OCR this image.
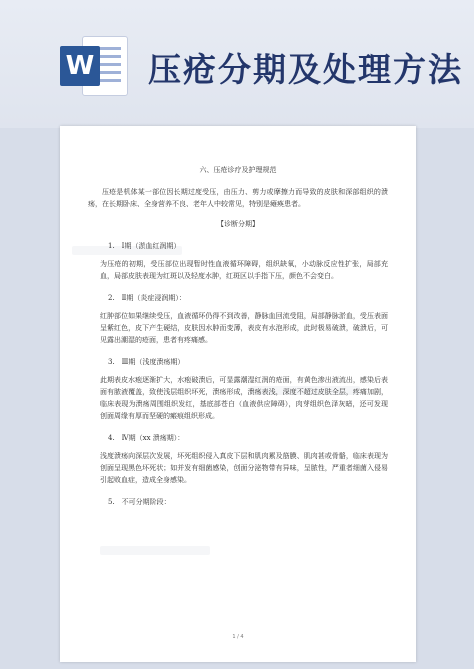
W 压疮分期及处理方法
六、压疮诊疗及护理规范

压疮是机体某一部位因长期过度受压，由压力、剪力或摩擦力而导致的皮肤和深部组织的溃疡，在长期卧床、全身营养不良、老年人中较常见，特别是瘫痪患者。

【诊断分期】
1.　Ⅰ期（淤血红润期）

为压疮的初期，受压部位出现暂时性血液循环障碍，组织缺氧，小动脉反应性扩张，局部充血，局部皮肤表现为红斑以及轻度水肿，红斑区以手指下压，颜色不会变白。

2.　Ⅱ期（炎症浸润期）：

红肿部位如果继续受压，血液循环仍得不到改善，静脉血回流受阻，局部静脉淤血，受压表面呈紫红色，皮下产生硬结，皮肤因水肿而变薄，表皮有水泡形成，此时极易破溃，破溃后，可见露出潮湿的疮面，患者有疼痛感。

3.　Ⅲ期（浅度溃疡期）

此期表皮水疱逐渐扩大，水疱破溃后，可显露潮湿红润的疮面，有黄色渗出液流出，感染后表面有脓液覆盖，致使浅层组织坏死，溃疡形成，溃疡表浅，深度不超过皮肤全层，疼痛加剧，临床表现为溃疡周围组织发红，基底部苍白（血液供应障碍），肉芽组织色泽灰暗，还可发现创面周缘有厚而坚硬的瘢痕组织形成。

4.　Ⅳ期（xx 溃疡期）：

浅度溃疡向深层次发展，坏死组织侵入真皮下层和肌肉累及筋膜、肌肉甚或骨骼，临床表现为创面呈现黑色坏死状；如并发有细菌感染，创面分泌物带有异味，呈脓性，严重者细菌入侵易引起败血症，造成全身感染。

5.　不可分期阶段：

1 / 4
